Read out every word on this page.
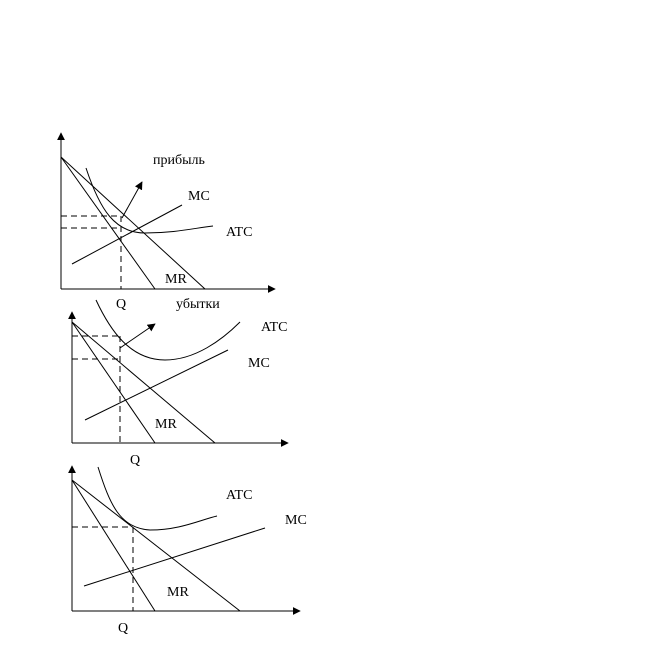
прибыль
MC
ATC
MR
Q	убытки
ATC
MC
MR
Q
ATC
MC
MR
Q
